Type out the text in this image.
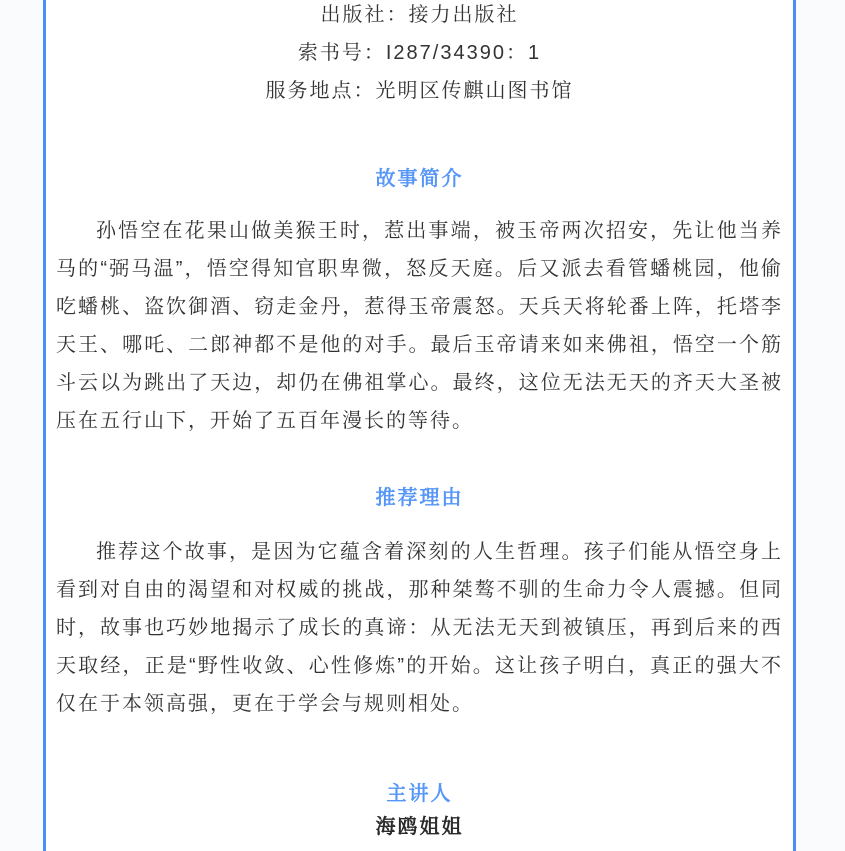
出版社：接力出版社

索书号：I287/34390：1

服务地点：光明区传麒山图书馆

故事简介

孙悟空在花果山做美猴王时，惹出事端，被玉帝两次招安，先让他当养马的“弼马温”，悟空得知官职卑微，怒反天庭。后又派去看管蟠桃园，他偷吃蟠桃、盗饮御酒、窃走金丹，惹得玉帝震怒。天兵天将轮番上阵，托塔李天王、哪吒、二郎神都不是他的对手。最后玉帝请来如来佛祖，悟空一个筋斗云以为跳出了天边，却仍在佛祖掌心。最终，这位无法无天的齐天大圣被压在五行山下，开始了五百年漫长的等待。

推荐理由

推荐这个故事，是因为它蕴含着深刻的人生哲理。孩子们能从悟空身上看到对自由的渴望和对权威的挑战，那种桀骜不驯的生命力令人震撼。但同时，故事也巧妙地揭示了成长的真谛：从无法无天到被镇压，再到后来的西天取经，正是“野性收敛、心性修炼”的开始。这让孩子明白，真正的强大不仅在于本领高强，更在于学会与规则相处。

主讲人

海鸥姐姐
